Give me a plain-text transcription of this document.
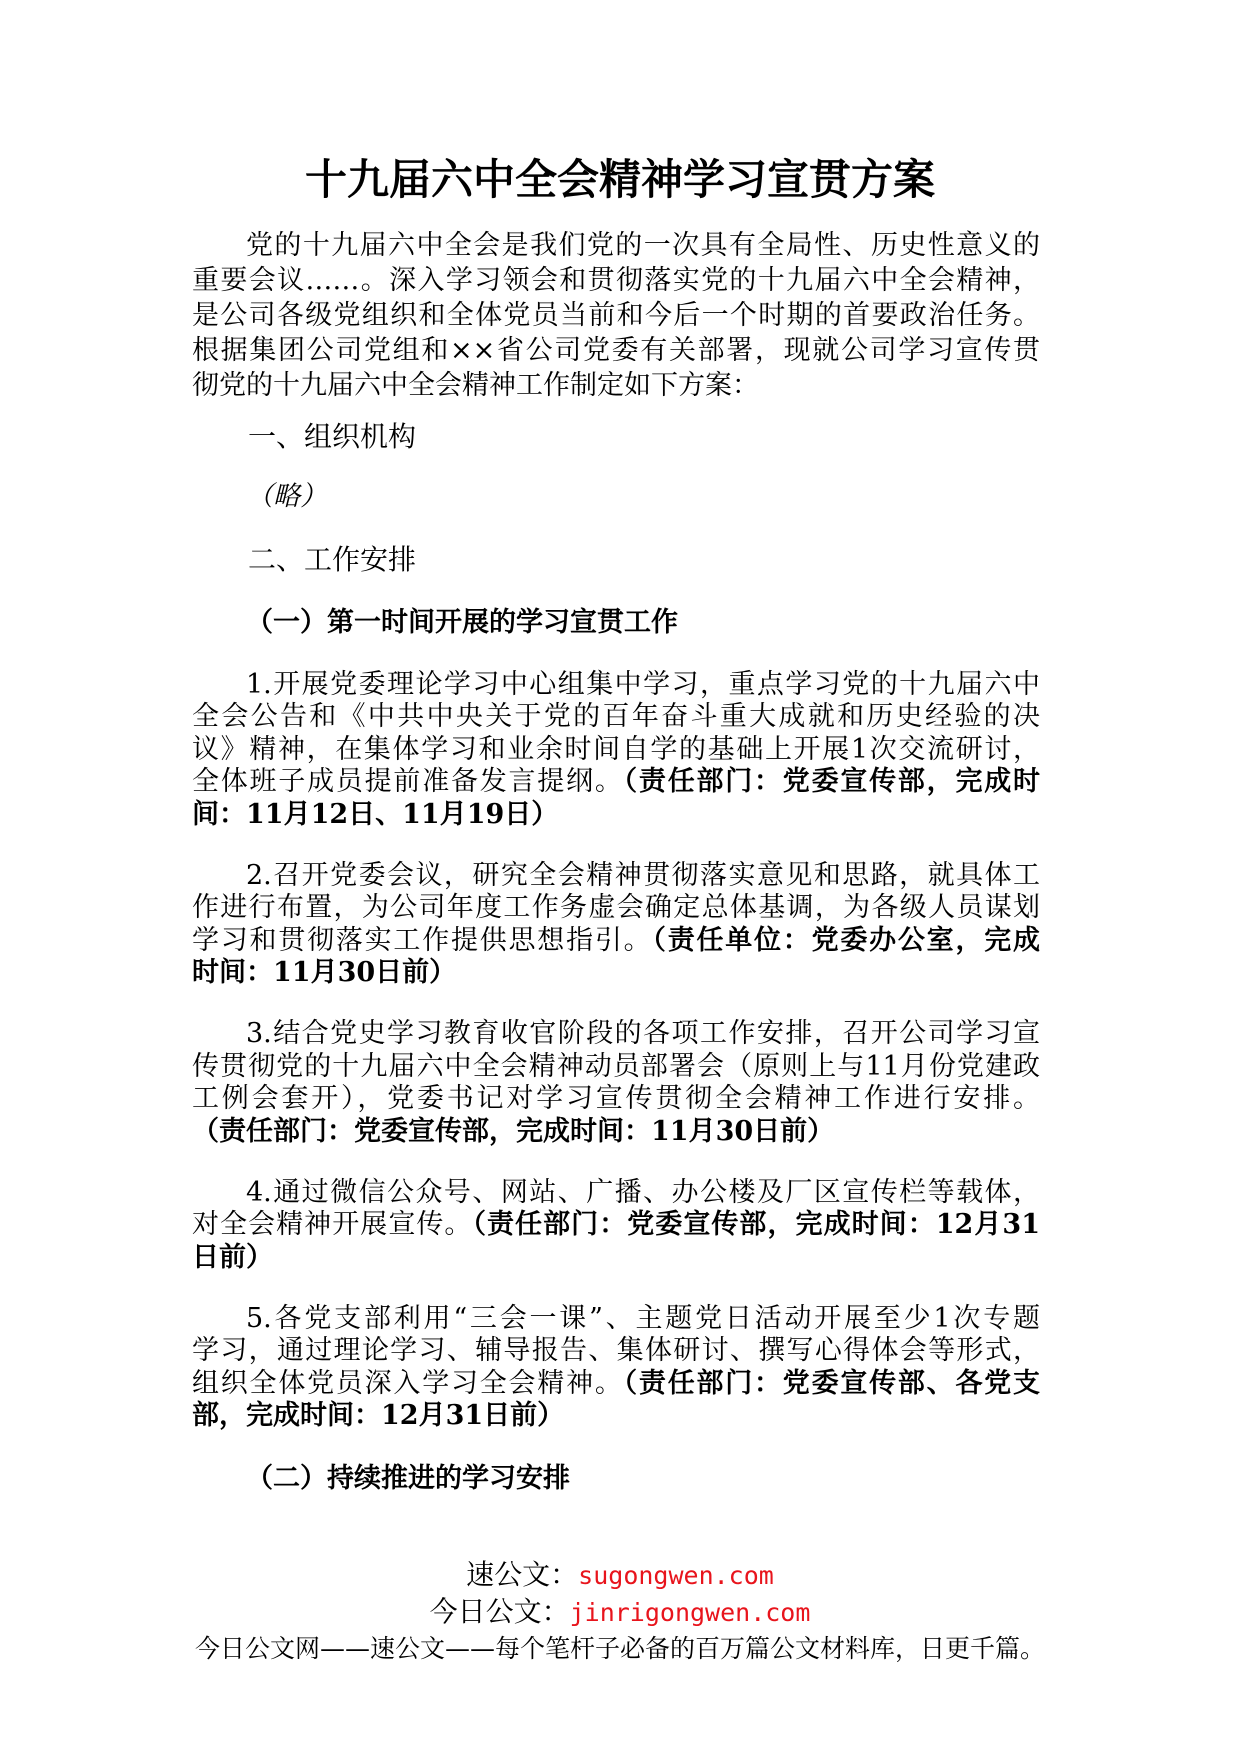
十九届六中全会精神学习宣贯方案
党的十九届六中全会是我们党的一次具有全局性、历史性意义的
重要会议……。深入学习领会和贯彻落实党的十九届六中全会精神，
是公司各级党组织和全体党员当前和今后一个时期的首要政治任务。
根据集团公司党组和××省公司党委有关部署，现就公司学习宣传贯
彻党的十九届六中全会精神工作制定如下方案：
一、组织机构
（略）
二、工作安排
（一）第一时间开展的学习宣贯工作
1.开展党委理论学习中心组集中学习，重点学习党的十九届六中
全会公告和《中共中央关于党的百年奋斗重大成就和历史经验的决
议》精神，在集体学习和业余时间自学的基础上开展1次交流研讨，
全体班子成员提前准备发言提纲。（责任部门：党委宣传部，完成时
间：11月12日、11月19日）
2.召开党委会议，研究全会精神贯彻落实意见和思路，就具体工
作进行布置，为公司年度工作务虚会确定总体基调，为各级人员谋划
学习和贯彻落实工作提供思想指引。（责任单位：党委办公室，完成
时间：11月30日前）
3.结合党史学习教育收官阶段的各项工作安排，召开公司学习宣
传贯彻党的十九届六中全会精神动员部署会（原则上与11月份党建政
工例会套开），党委书记对学习宣传贯彻全会精神工作进行安排。
（责任部门：党委宣传部，完成时间：11月30日前）
4.通过微信公众号、网站、广播、办公楼及厂区宣传栏等载体，
对全会精神开展宣传。（责任部门：党委宣传部，完成时间：12月31
日前）
5.各党支部利用“三会一课”、主题党日活动开展至少1次专题
学习，通过理论学习、辅导报告、集体研讨、撰写心得体会等形式，
组织全体党员深入学习全会精神。（责任部门：党委宣传部、各党支
部，完成时间：12月31日前）
（二）持续推进的学习安排
速公文：sugongwen.com
今日公文：jinrigongwen.com
今日公文网——速公文——每个笔杆子必备的百万篇公文材料库，日更千篇。
